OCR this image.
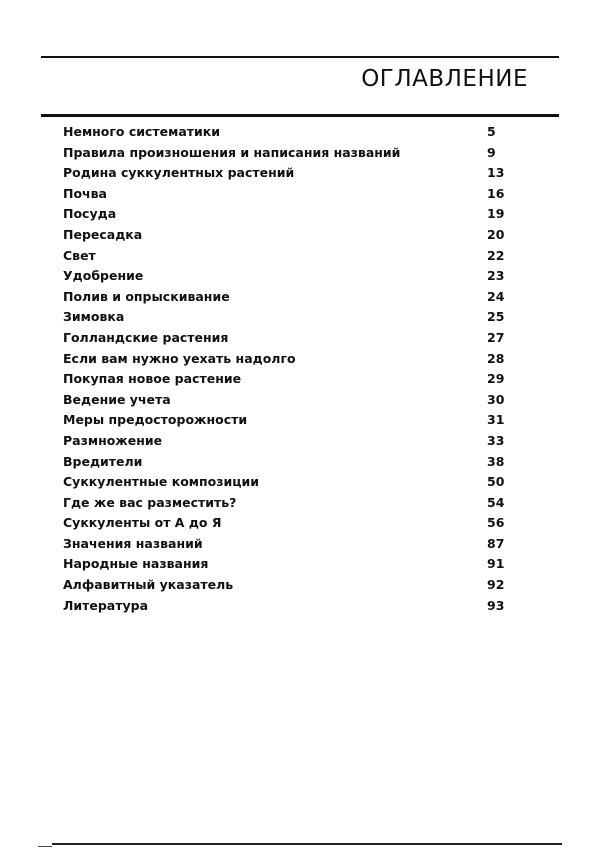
ОГЛАВЛЕНИЕ
Немного систематики	5
Правила произношения и написания названий	9
Родина суккулентных растений	13
Почва	16
Посуда	19
Пересадка	20
Свет	22
Удобрение	23
Полив и опрыскивание	24
Зимовка	25
Голландские растения	27
Если вам нужно уехать надолго	28
Покупая новое растение	29
Ведение учета	30
Меры предосторожности	31
Размножение	33
Вредители	38
Суккулентные композиции	50
Где же вас разместить?	54
Суккуленты от А до Я	56
Значения названий	87
Народные названия	91
Алфавитный указатель	92
Литература	93
